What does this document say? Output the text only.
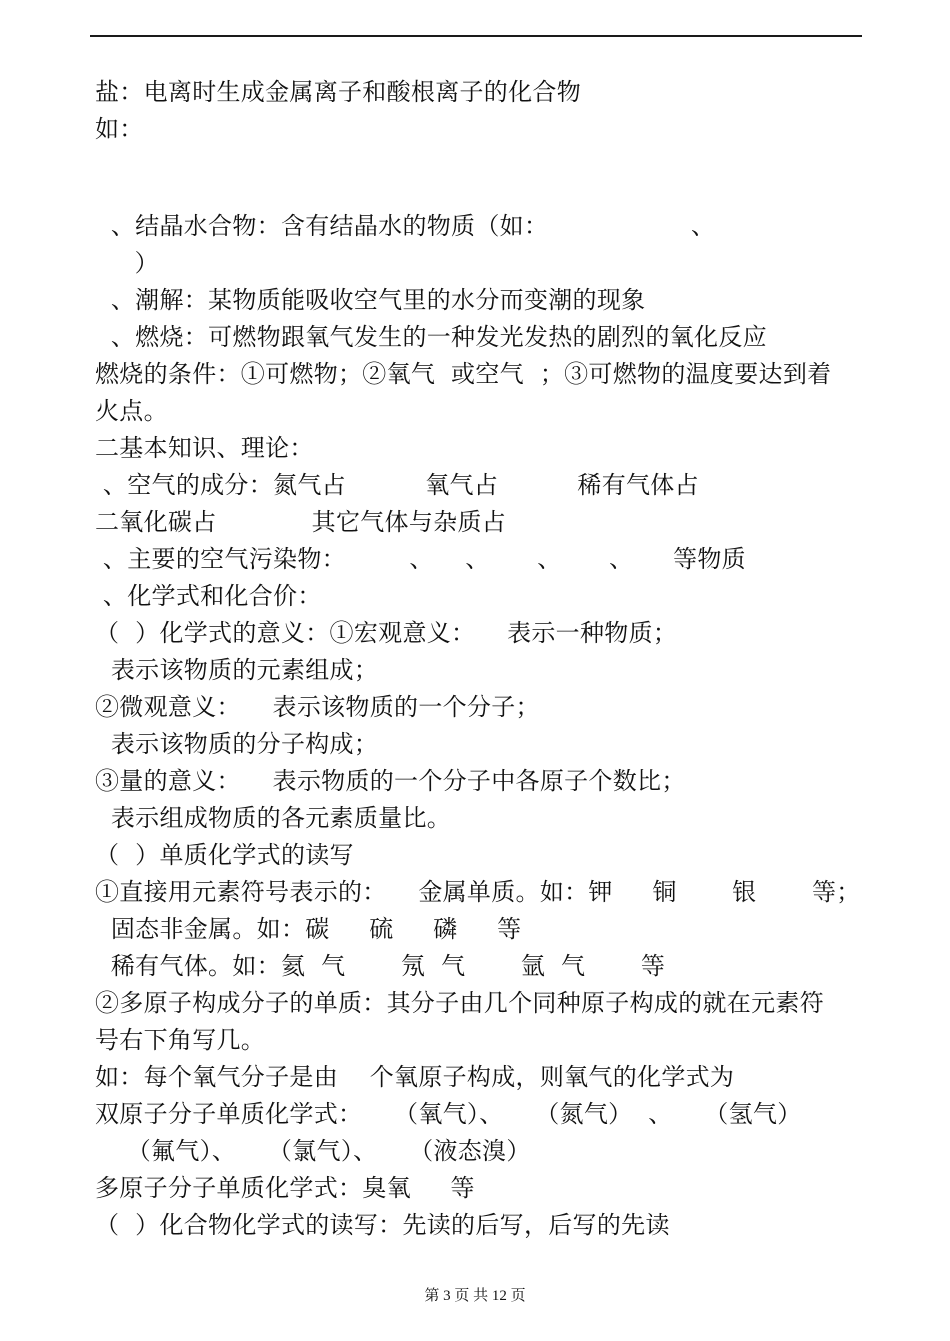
盐：电离时生成金属离子和酸根离子的化合物
如：
、结晶水合物：含有结晶水的物质（如：                  、
）
、潮解：某物质能吸收空气里的水分而变潮的现象
、燃烧：可燃物跟氧气发生的一种发光发热的剧烈的氧化反应
燃烧的条件：①可燃物；②氧气  或空气  ；③可燃物的温度要达到着
火点。
二基本知识、理论：
、空气的成分：氮气占          氧气占          稀有气体占
二氧化碳占            其它气体与杂质占
、主要的空气污染物：        、    、      、      、     等物质
、化学式和化合价：
（  ）化学式的意义：①宏观意义：    表示一种物质；
表示该物质的元素组成；
②微观意义：    表示该物质的一个分子；
表示该物质的分子构成；
③量的意义：    表示物质的一个分子中各原子个数比；
表示组成物质的各元素质量比。
（  ）单质化学式的读写
①直接用元素符号表示的：    金属单质。如：钾     铜       银       等；
固态非金属。如：碳     硫     磷     等
稀有气体。如：氦  气       氖  气       氩  气       等
②多原子构成分子的单质：其分子由几个同种原子构成的就在元素符
号右下角写几。
如：每个氧气分子是由    个氧原子构成，则氧气的化学式为
双原子分子单质化学式：    （氧气）、    （氮气）  、    （氢气）
（氟气）、    （氯气）、    （液态溴）
多原子分子单质化学式：臭氧     等
（  ）化合物化学式的读写：先读的后写，后写的先读
第 3 页 共 12 页
